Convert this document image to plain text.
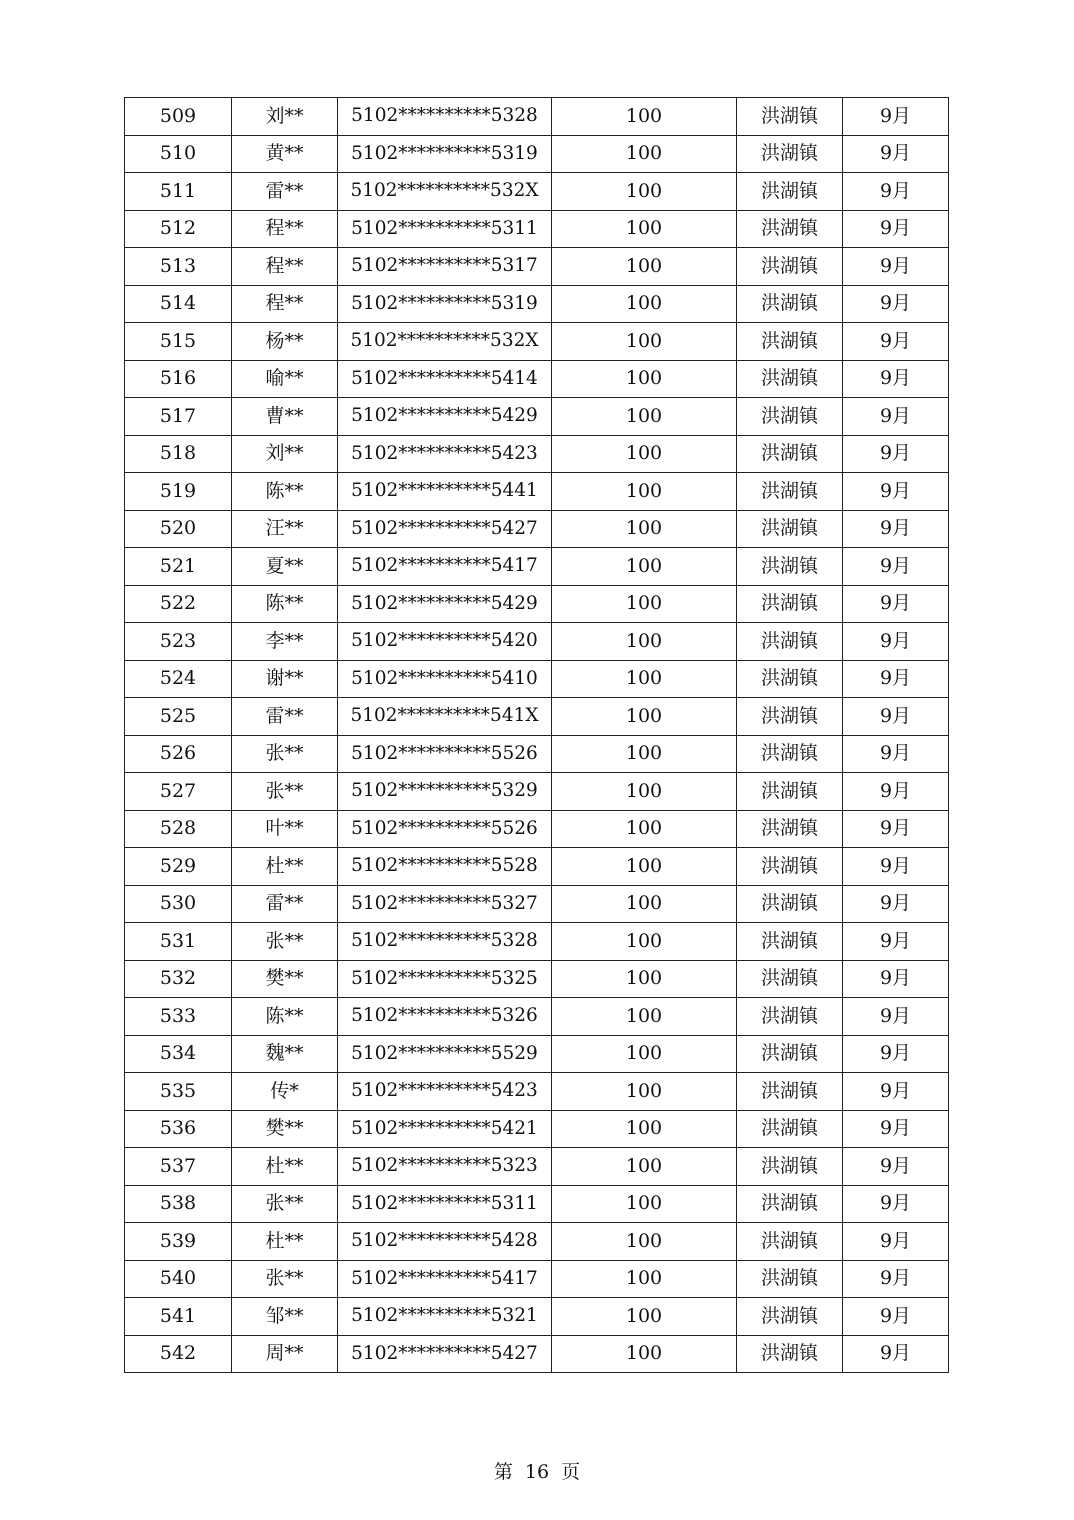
509	刘**	5102**********5328	100	洪湖镇	9月
510	黄**	5102**********5319	100	洪湖镇	9月
511	雷**	5102**********532X	100	洪湖镇	9月
512	程**	5102**********5311	100	洪湖镇	9月
513	程**	5102**********5317	100	洪湖镇	9月
514	程**	5102**********5319	100	洪湖镇	9月
515	杨**	5102**********532X	100	洪湖镇	9月
516	喻**	5102**********5414	100	洪湖镇	9月
517	曹**	5102**********5429	100	洪湖镇	9月
518	刘**	5102**********5423	100	洪湖镇	9月
519	陈**	5102**********5441	100	洪湖镇	9月
520	汪**	5102**********5427	100	洪湖镇	9月
521	夏**	5102**********5417	100	洪湖镇	9月
522	陈**	5102**********5429	100	洪湖镇	9月
523	李**	5102**********5420	100	洪湖镇	9月
524	谢**	5102**********5410	100	洪湖镇	9月
525	雷**	5102**********541X	100	洪湖镇	9月
526	张**	5102**********5526	100	洪湖镇	9月
527	张**	5102**********5329	100	洪湖镇	9月
528	叶**	5102**********5526	100	洪湖镇	9月
529	杜**	5102**********5528	100	洪湖镇	9月
530	雷**	5102**********5327	100	洪湖镇	9月
531	张**	5102**********5328	100	洪湖镇	9月
532	樊**	5102**********5325	100	洪湖镇	9月
533	陈**	5102**********5326	100	洪湖镇	9月
534	魏**	5102**********5529	100	洪湖镇	9月
535	传*	5102**********5423	100	洪湖镇	9月
536	樊**	5102**********5421	100	洪湖镇	9月
537	杜**	5102**********5323	100	洪湖镇	9月
538	张**	5102**********5311	100	洪湖镇	9月
539	杜**	5102**********5428	100	洪湖镇	9月
540	张**	5102**********5417	100	洪湖镇	9月
541	邹**	5102**********5321	100	洪湖镇	9月
542	周**	5102**********5427	100	洪湖镇	9月
第 16 页
